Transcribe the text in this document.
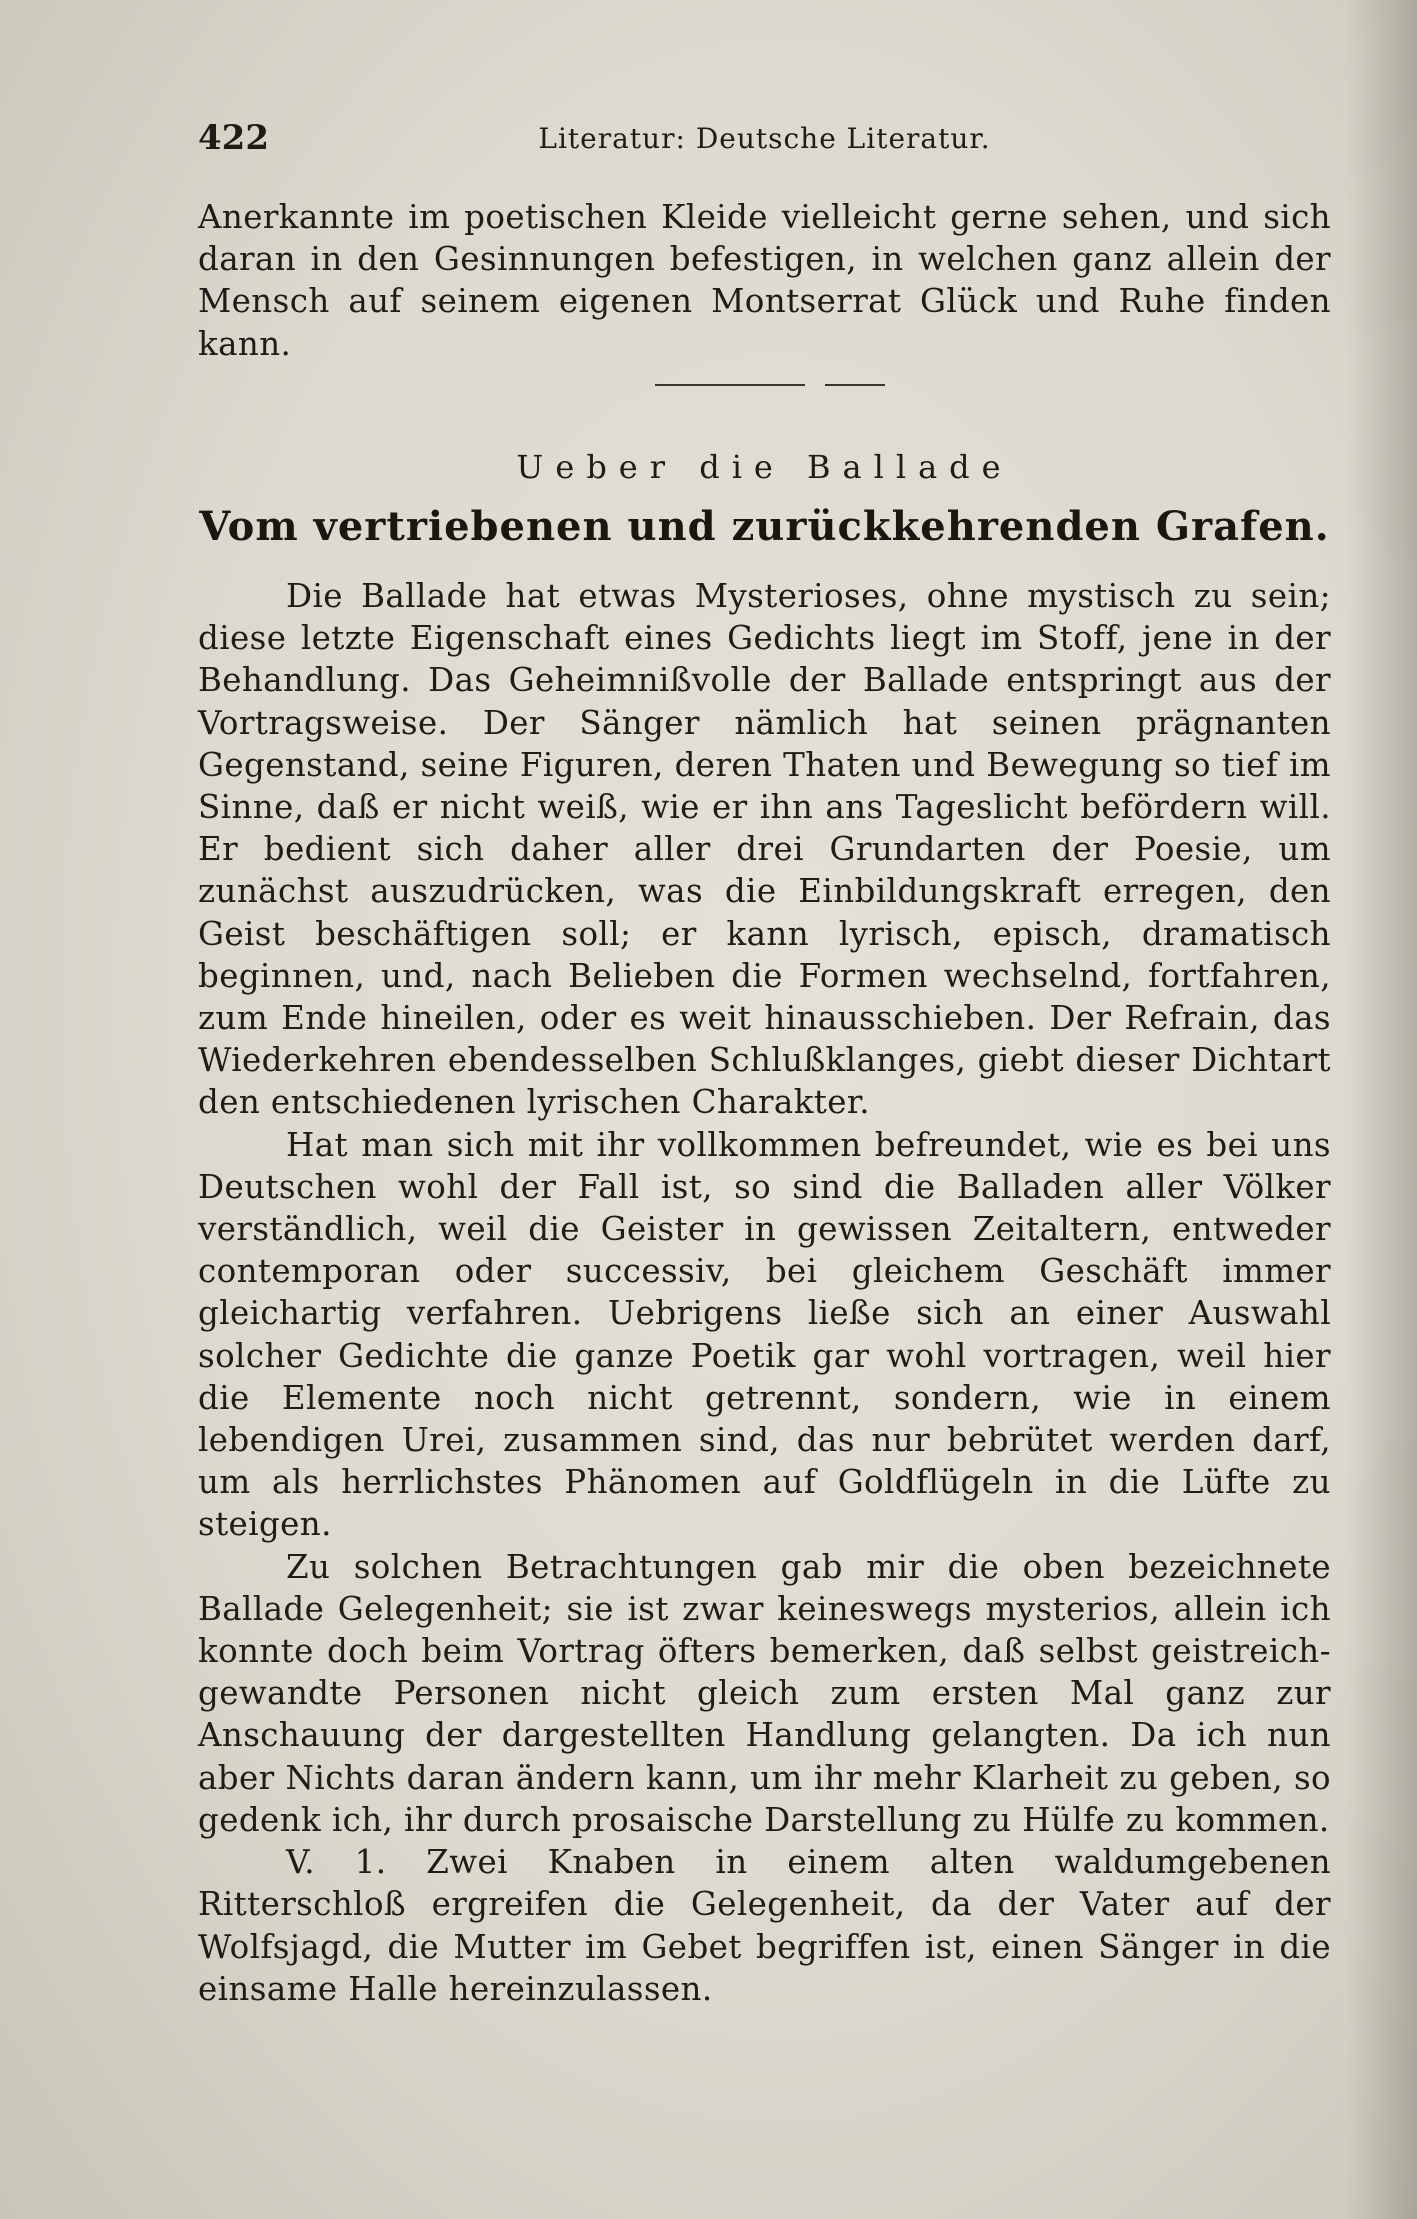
422	Literatur: Deutsche Literatur.

Anerkannte im poetischen Kleide vielleicht gerne sehen, und sich daran in den Gesinnungen befestigen, in welchen ganz allein der Mensch auf seinem eigenen Montserrat Glück und Ruhe finden kann.

Ueber die Ballade
Vom vertriebenen und zurückkehrenden Grafen.

Die Ballade hat etwas Mysterioses, ohne mystisch zu sein; diese letzte Eigenschaft eines Gedichts liegt im Stoff, jene in der Behandlung. Das Geheimnißvolle der Ballade entspringt aus der Vortragsweise. Der Sänger nämlich hat seinen prägnanten Gegenstand, seine Figuren, deren Thaten und Bewegung so tief im Sinne, daß er nicht weiß, wie er ihn ans Tageslicht befördern will. Er bedient sich daher aller drei Grundarten der Poesie, um zunächst auszudrücken, was die Einbildungskraft erregen, den Geist beschäftigen soll; er kann lyrisch, episch, dramatisch beginnen, und, nach Belieben die Formen wechselnd, fortfahren, zum Ende hineilen, oder es weit hinausschieben. Der Refrain, das Wiederkehren ebendesselben Schlußklanges, giebt dieser Dichtart den entschiedenen lyrischen Charakter.

Hat man sich mit ihr vollkommen befreundet, wie es bei uns Deutschen wohl der Fall ist, so sind die Balladen aller Völker verständlich, weil die Geister in gewissen Zeitaltern, entweder contemporan oder successiv, bei gleichem Geschäft immer gleichartig verfahren. Uebrigens ließe sich an einer Auswahl solcher Gedichte die ganze Poetik gar wohl vortragen, weil hier die Elemente noch nicht getrennt, sondern, wie in einem lebendigen Urei, zusammen sind, das nur bebrütet werden darf, um als herrlichstes Phänomen auf Goldflügeln in die Lüfte zu steigen.

Zu solchen Betrachtungen gab mir die oben bezeichnete Ballade Gelegenheit; sie ist zwar keineswegs mysterios, allein ich konnte doch beim Vortrag öfters bemerken, daß selbst geistreich-gewandte Personen nicht gleich zum ersten Mal ganz zur Anschauung der dargestellten Handlung gelangten. Da ich nun aber Nichts daran ändern kann, um ihr mehr Klarheit zu geben, so gedenk ich, ihr durch prosaische Darstellung zu Hülfe zu kommen.

V. 1. Zwei Knaben in einem alten waldumgebenen Ritterschloß ergreifen die Gelegenheit, da der Vater auf der Wolfsjagd, die Mutter im Gebet begriffen ist, einen Sänger in die einsame Halle hereinzulassen.
